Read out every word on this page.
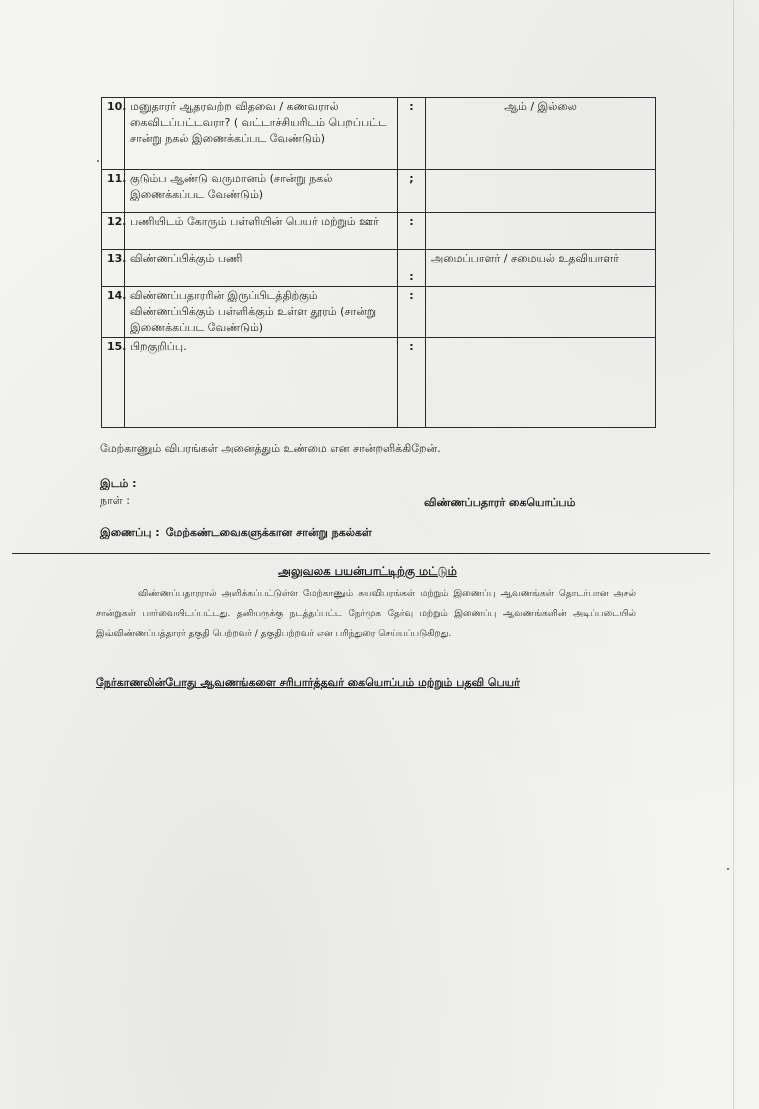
10.	மனுதாரர் ஆதரவற்ற விதவை / கணவரால் கைவிடப்பட்டவரா? ( வட்டாச்சியரிடம் பெறப்பட்ட சான்று நகல் இணைக்கப்பட வேண்டும்)	:	ஆம் / இல்லை
11.	குடும்ப ஆண்டு வருமானம் (சான்று நகல் இணைக்கப்பட வேண்டும்)	;	
12.	பணியிடம் கோரும் பள்ளியின் பெயர் மற்றும் ஊர்	:	
13.	விண்ணப்பிக்கும் பணி	:	அமைப்பாளர் / சமையல் உதவியாளர்
14.	விண்ணப்பதாரரின் இருப்பிடத்திற்கும் விண்ணப்பிக்கும் பள்ளிக்கும் உள்ள தூரம் (சான்று இணைக்கப்பட வேண்டும்)	:	
15.	பிறகுறிப்பு.	:	
மேற்காணும் விபரங்கள் அனைத்தும் உண்மை என சான்றளிக்கிறேன்.
இடம் :
நாள் :	விண்ணப்பதாரர் கையொப்பம்
இணைப்பு : மேற்கண்டவைகளுக்கான சான்று நகல்கள்
அலுவலக பயன்பாட்டிற்கு மட்டும்
விண்ணப்பதாரரால் அளிக்கப்பட்டுள்ள மேற்காணும் சுயவிபரங்கள் மற்றும் இணைப்பு ஆவணங்கள் தொடர்பான அசல் சான்றுகள் பார்வையிடப்பட்டது. தனியருக்கு நடத்தப்பட்ட நேர்முக தேர்வு மற்றும் இணைப்பு ஆவணங்களின் அடிப்படையில் இவ்விண்ணப்பத்தாரர் தகுதி பெற்றவர் / தகுதிபற்றவர் என பரிந்துரை செய்யப்படுகிறது.
நேர்காணலின்போது ஆவணங்களை சரிபார்த்தவர் கையொப்பம் மற்றும் பதவி பெயர்
